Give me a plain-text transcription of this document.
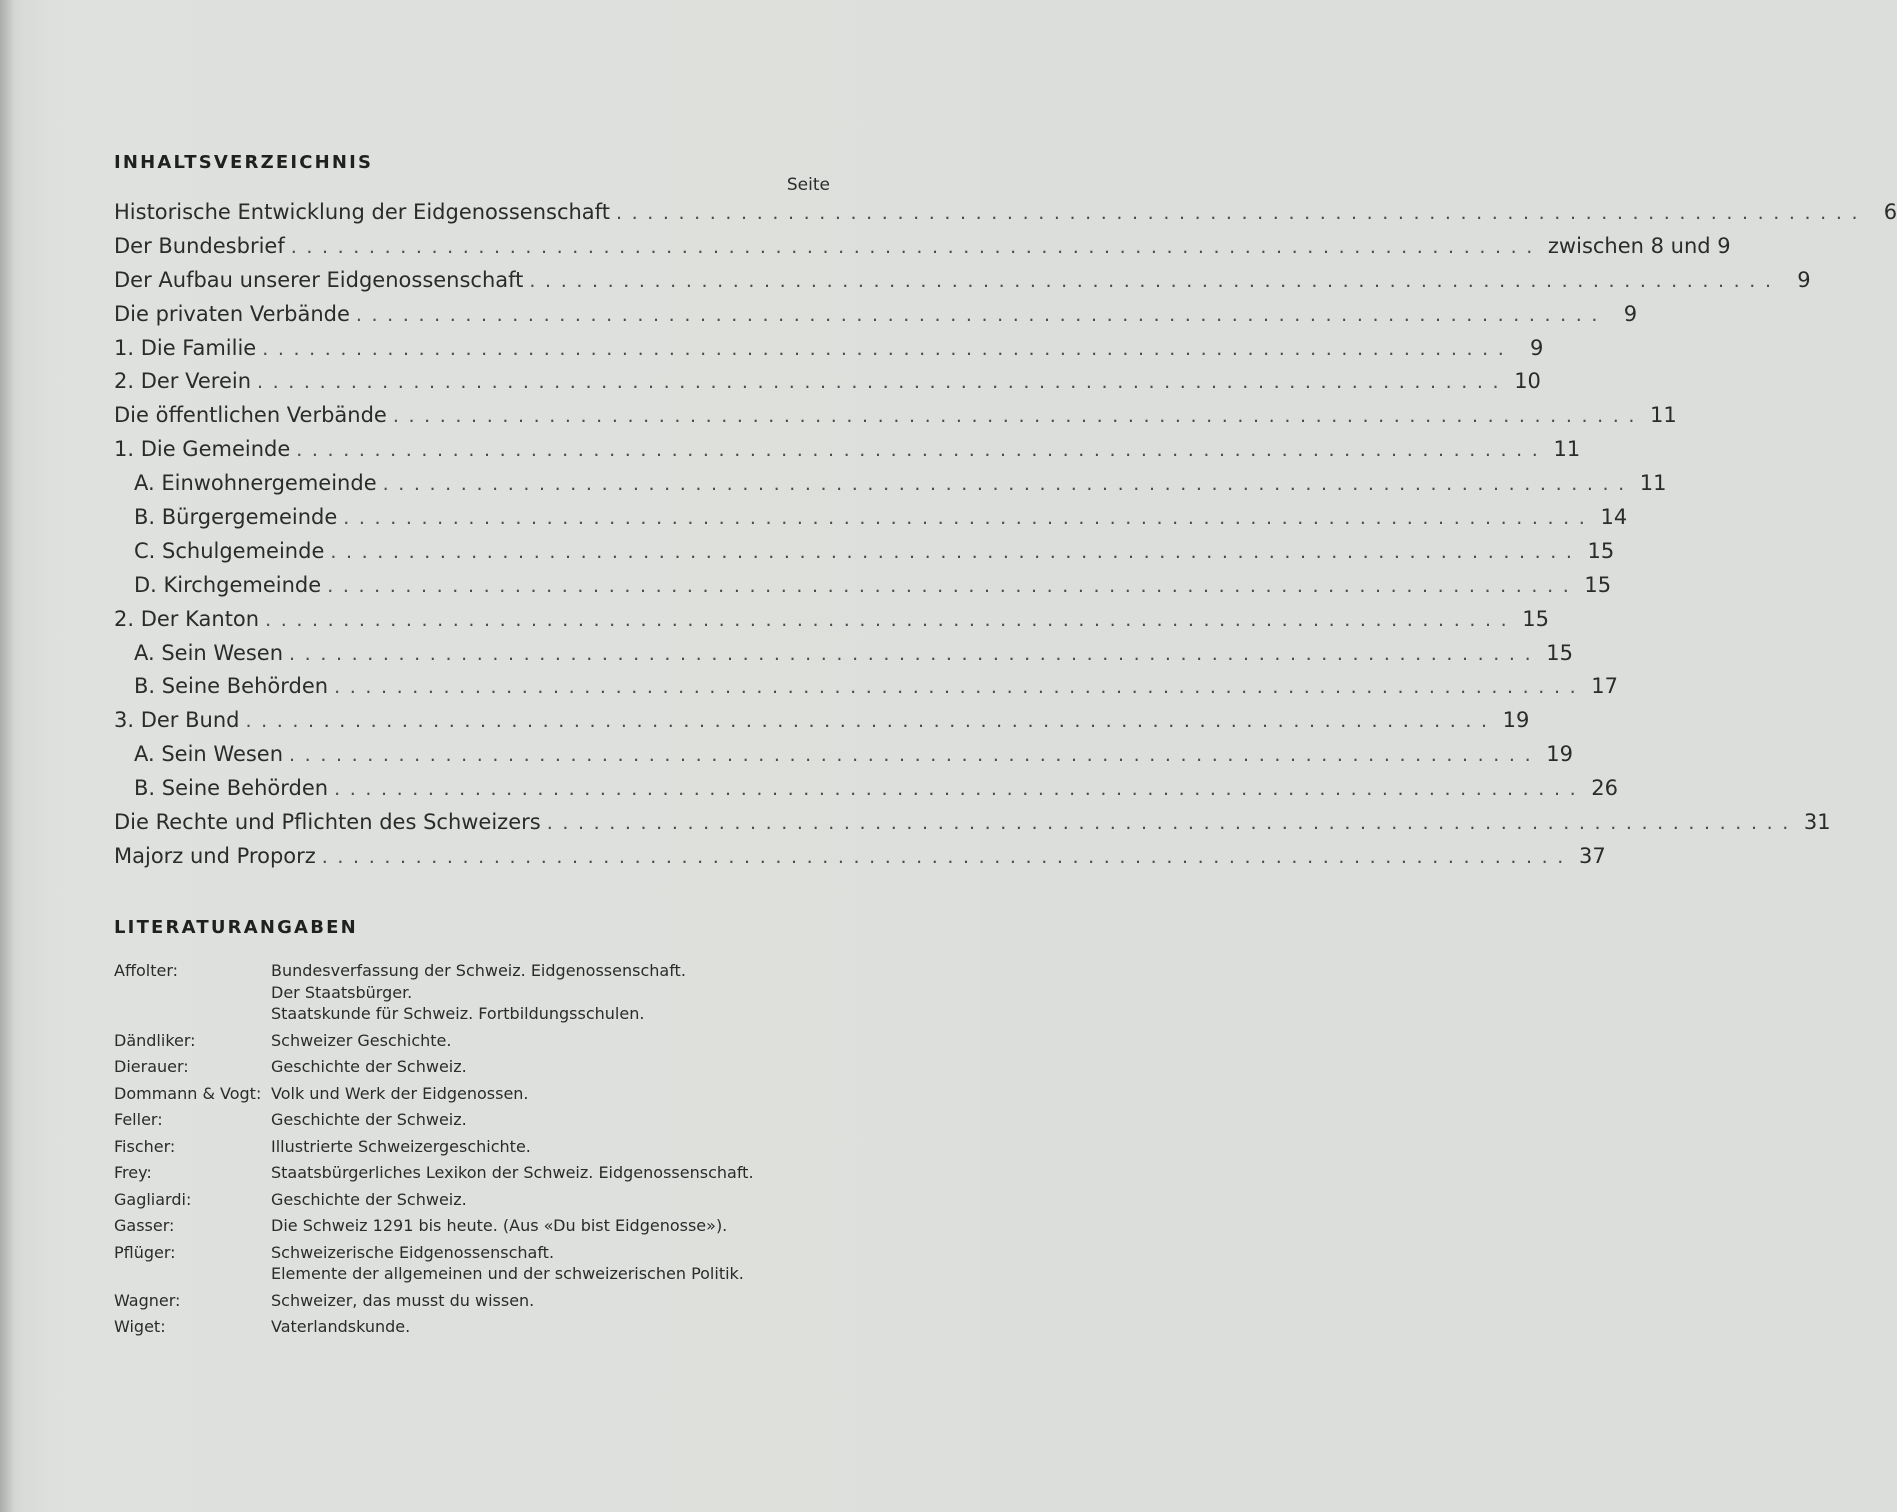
INHALTSVERZEICHNIS
Seite
Historische Entwicklung der Eidgenossenschaft ................................................................................ 6
Der Bundesbrief ................................................................................ zwischen 8 und 9
Der Aufbau unserer Eidgenossenschaft ................................................................................ 9
Die privaten Verbände ................................................................................ 9
1. Die Familie ................................................................................ 9
2. Der Verein ................................................................................ 10
Die öffentlichen Verbände ................................................................................ 11
1. Die Gemeinde ................................................................................ 11
A. Einwohnergemeinde ................................................................................ 11
B. Bürgergemeinde ................................................................................ 14
C. Schulgemeinde ................................................................................ 15
D. Kirchgemeinde ................................................................................ 15
2. Der Kanton ................................................................................ 15
A. Sein Wesen ................................................................................ 15
B. Seine Behörden ................................................................................ 17
3. Der Bund ................................................................................ 19
A. Sein Wesen ................................................................................ 19
B. Seine Behörden ................................................................................ 26
Die Rechte und Pflichten des Schweizers ................................................................................ 31
Majorz und Proporz ................................................................................ 37
LITERATURANGABEN
Affolter:	Bundesverfassung der Schweiz. Eidgenossenschaft.
Der Staatsbürger.
Staatskunde für Schweiz. Fortbildungsschulen.
Dändliker:	Schweizer Geschichte.
Dierauer:	Geschichte der Schweiz.
Dommann & Vogt: Volk und Werk der Eidgenossen.
Feller:	Geschichte der Schweiz.
Fischer:	Illustrierte Schweizergeschichte.
Frey:	Staatsbürgerliches Lexikon der Schweiz. Eidgenossenschaft.
Gagliardi:	Geschichte der Schweiz.
Gasser:	Die Schweiz 1291 bis heute. (Aus «Du bist Eidgenosse»).
Pflüger:	Schweizerische Eidgenossenschaft.
Elemente der allgemeinen und der schweizerischen Politik.
Wagner:	Schweizer, das musst du wissen.
Wiget:	Vaterlandskunde.
